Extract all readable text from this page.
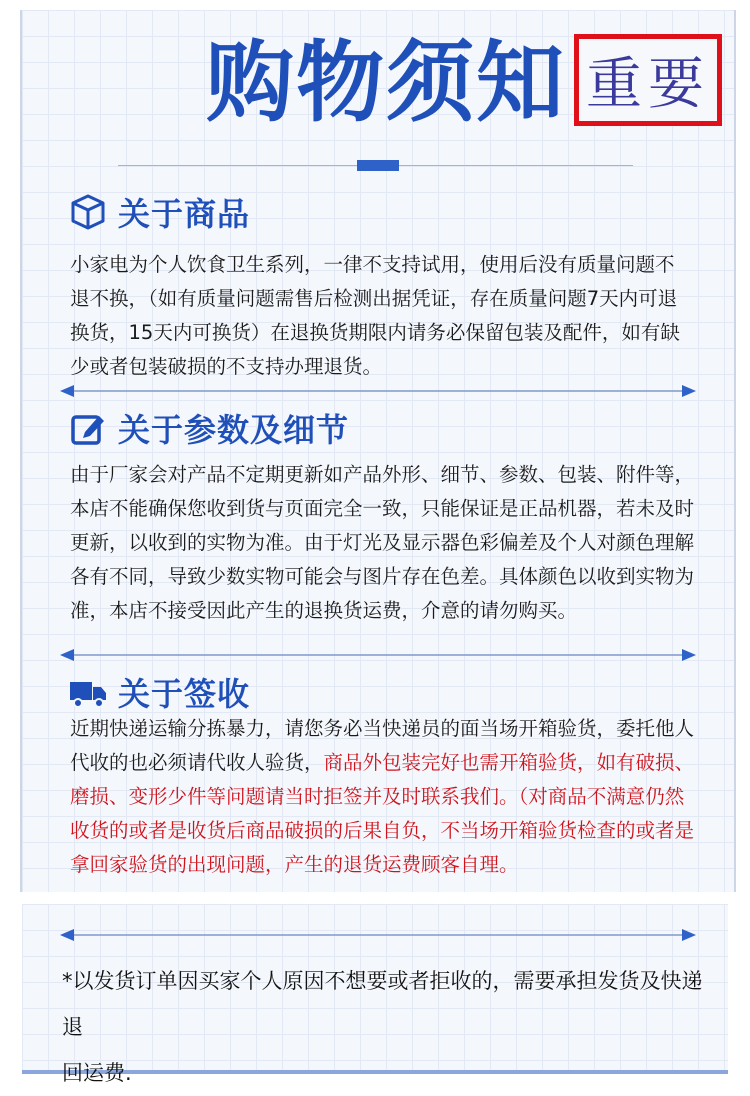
购物须知 重要
关于商品
小家电为个人饮食卫生系列，一律不支持试用，使用后没有质量问题不
退不换，（如有质量问题需售后检测出据凭证，存在质量问题7天内可退
换货，15天内可换货）在退换货期限内请务必保留包装及配件，如有缺
少或者包装破损的不支持办理退货。
关于参数及细节
由于厂家会对产品不定期更新如产品外形、细节、参数、包装、附件等，
本店不能确保您收到货与页面完全一致，只能保证是正品机器，若未及时
更新，以收到的实物为准。由于灯光及显示器色彩偏差及个人对颜色理解
各有不同，导致少数实物可能会与图片存在色差。具体颜色以收到实物为
准，本店不接受因此产生的退换货运费，介意的请勿购买。
关于签收
近期快递运输分拣暴力，请您务必当快递员的面当场开箱验货，委托他人
代收的也必须请代收人验货，商品外包装完好也需开箱验货，如有破损、
磨损、变形少件等问题请当时拒签并及时联系我们。（对商品不满意仍然
收货的或者是收货后商品破损的后果自负，不当场开箱验货检查的或者是
拿回家验货的出现问题，产生的退货运费顾客自理。
*以发货订单因买家个人原因不想要或者拒收的，需要承担发货及快递退
回运费.
